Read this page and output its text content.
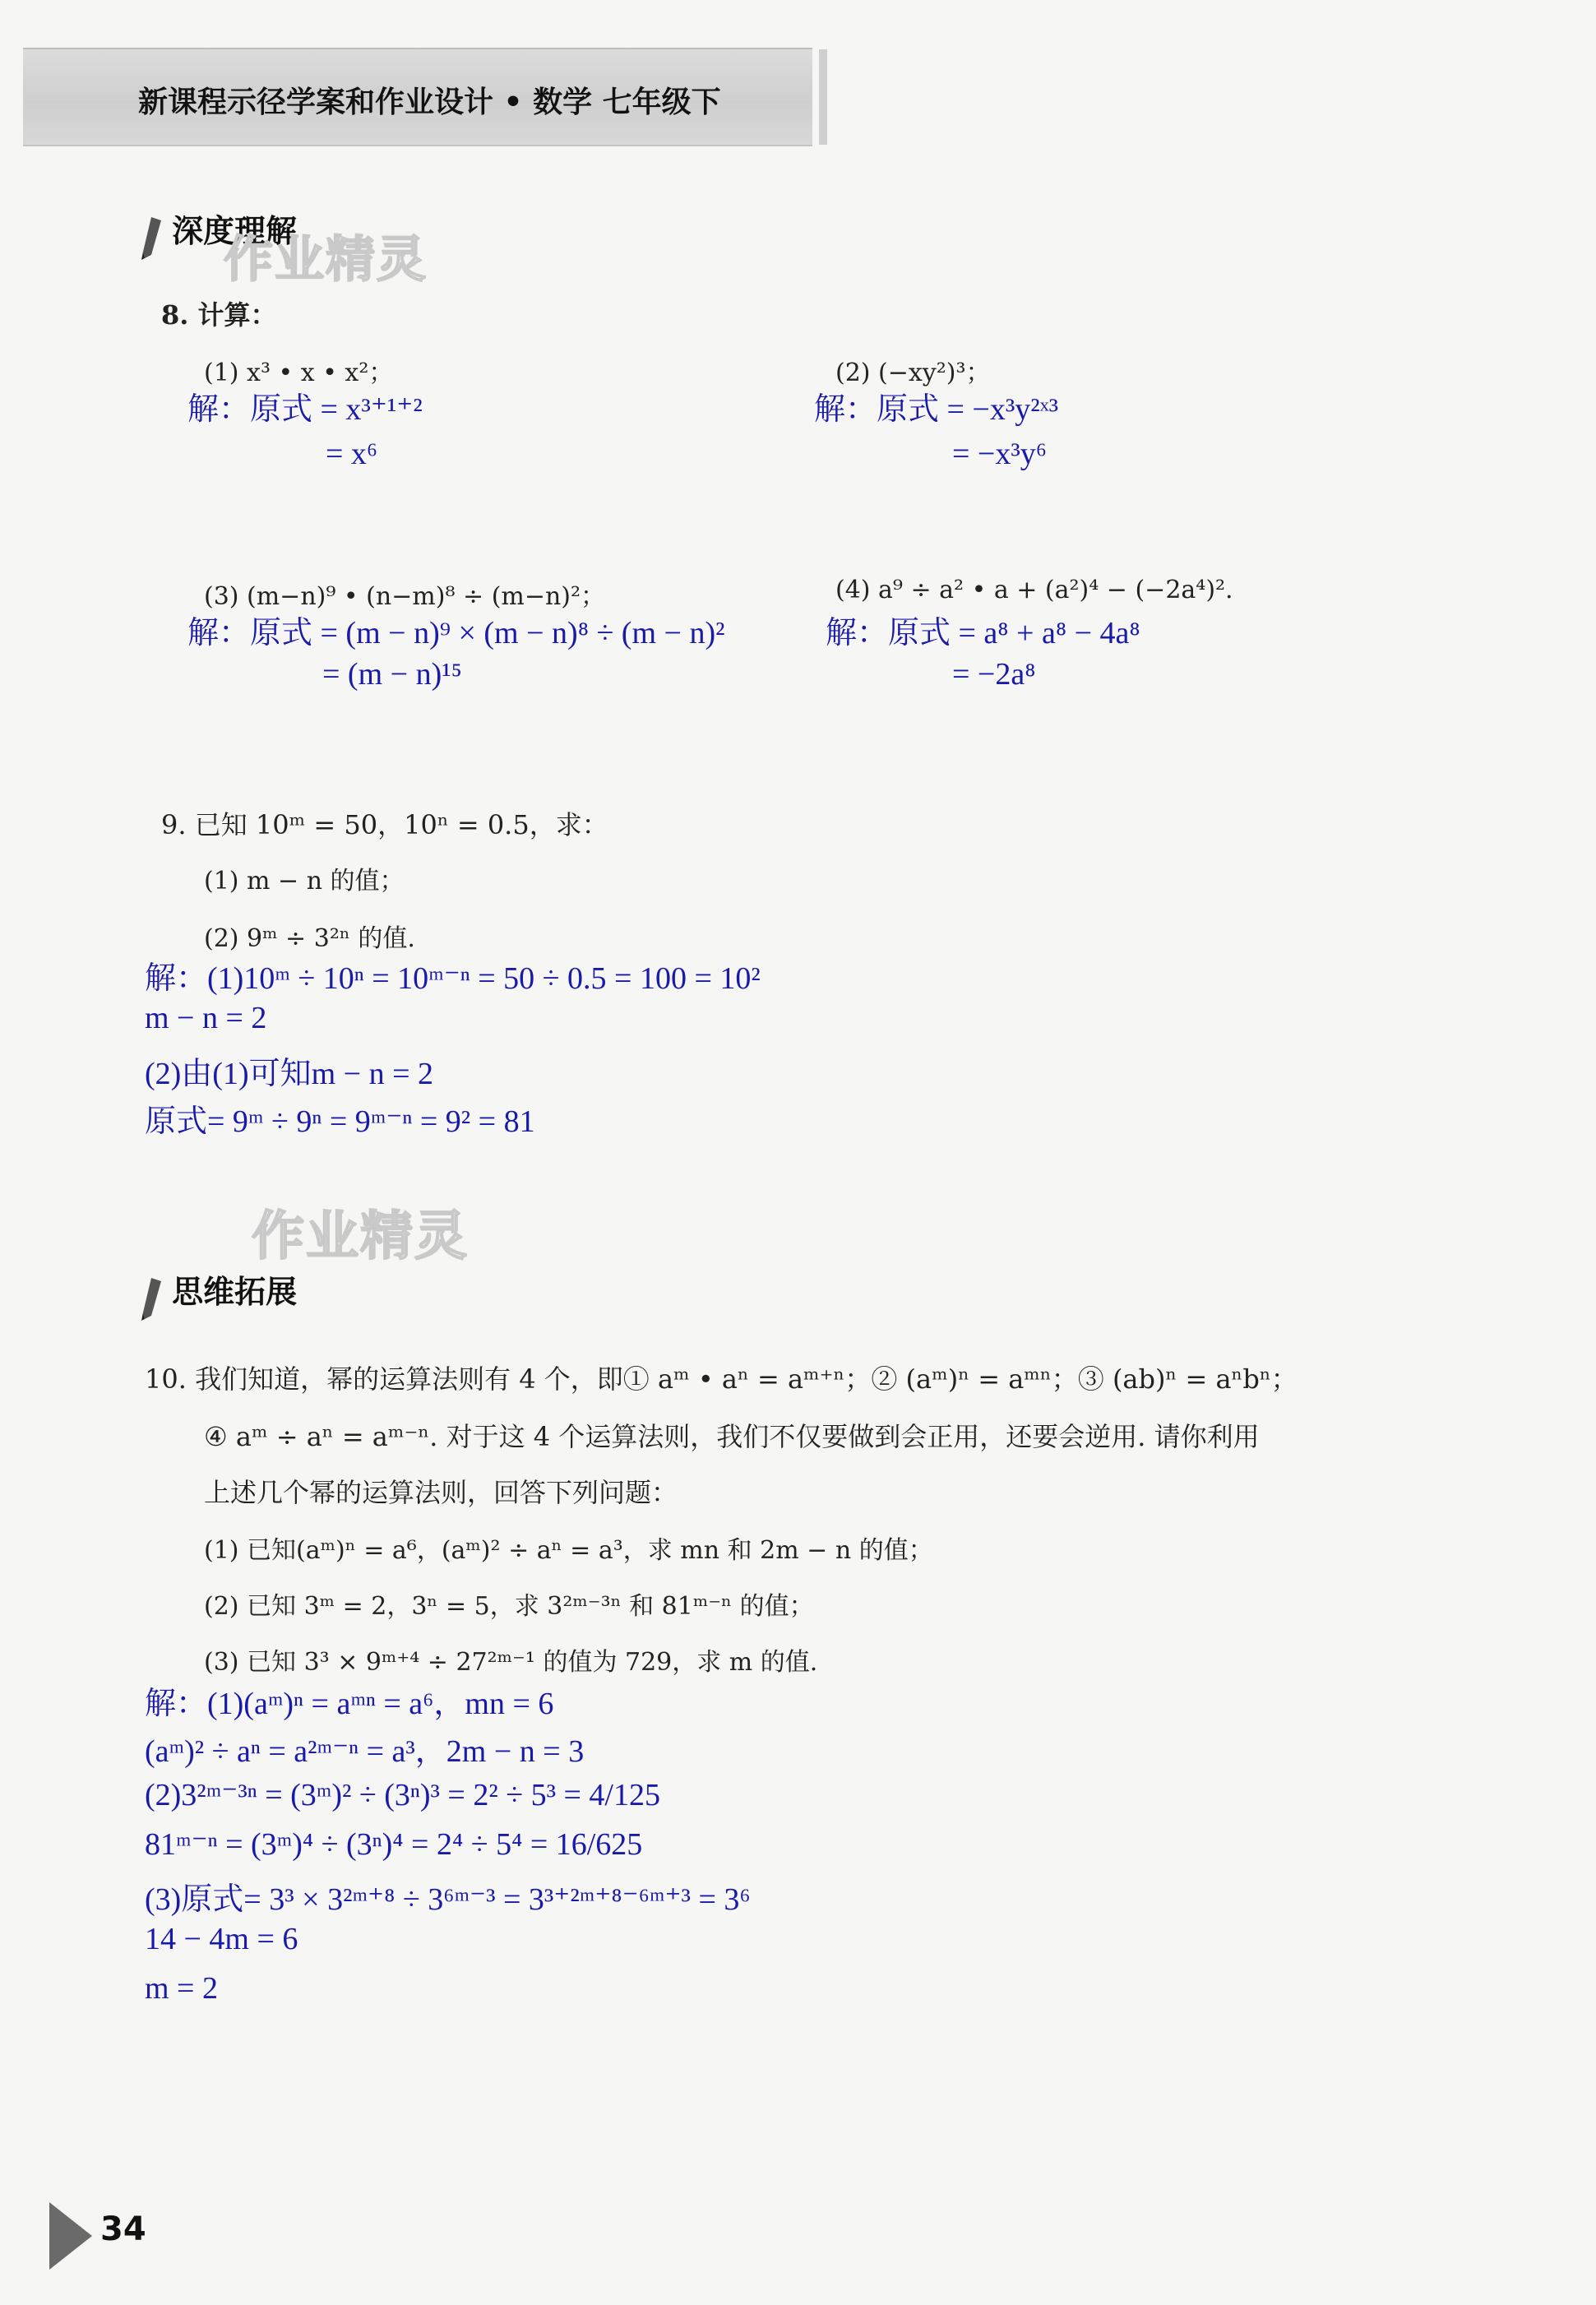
新课程示径学案和作业设计 • 数学 七年级下
深度理解
作业精灵
8. 计算：
(1) x³ • x • x²；
解：原式 = x³⁺¹⁺²
= x⁶
(2) (−xy²)³；
解：原式 = −x³y²ˣ³
= −x³y⁶
(3) (m−n)⁹ • (n−m)⁸ ÷ (m−n)²；
解：原式 = (m − n)⁹ × (m − n)⁸ ÷ (m − n)²
= (m − n)¹⁵
(4) a⁹ ÷ a² • a + (a²)⁴ − (−2a⁴)².
解：原式 = a⁸ + a⁸ − 4a⁸
= −2a⁸
9. 已知 10ᵐ = 50，10ⁿ = 0.5，求：
(1) m − n 的值；
(2) 9ᵐ ÷ 3²ⁿ 的值.
解：(1)10ᵐ ÷ 10ⁿ = 10ᵐ⁻ⁿ = 50 ÷ 0.5 = 100 = 10²
m − n = 2
(2)由(1)可知m − n = 2
原式= 9ᵐ ÷ 9ⁿ = 9ᵐ⁻ⁿ = 9² = 81
作业精灵
思维拓展
10. 我们知道，幂的运算法则有 4 个，即① aᵐ • aⁿ = aᵐ⁺ⁿ；② (aᵐ)ⁿ = aᵐⁿ；③ (ab)ⁿ = aⁿbⁿ；
④ aᵐ ÷ aⁿ = aᵐ⁻ⁿ. 对于这 4 个运算法则，我们不仅要做到会正用，还要会逆用. 请你利用
上述几个幂的运算法则，回答下列问题：
(1) 已知(aᵐ)ⁿ = a⁶，(aᵐ)² ÷ aⁿ = a³，求 mn 和 2m − n 的值；
(2) 已知 3ᵐ = 2，3ⁿ = 5，求 3²ᵐ⁻³ⁿ 和 81ᵐ⁻ⁿ 的值；
(3) 已知 3³ × 9ᵐ⁺⁴ ÷ 27²ᵐ⁻¹ 的值为 729，求 m 的值.
解：(1)(aᵐ)ⁿ = aᵐⁿ = a⁶，mn = 6
(aᵐ)² ÷ aⁿ = a²ᵐ⁻ⁿ = a³，2m − n = 3
(2)3²ᵐ⁻³ⁿ = (3ᵐ)² ÷ (3ⁿ)³ = 2² ÷ 5³ = 4/125
81ᵐ⁻ⁿ = (3ᵐ)⁴ ÷ (3ⁿ)⁴ = 2⁴ ÷ 5⁴ = 16/625
(3)原式= 3³ × 3²ᵐ⁺⁸ ÷ 3⁶ᵐ⁻³ = 3³⁺²ᵐ⁺⁸⁻⁶ᵐ⁺³ = 3⁶
14 − 4m = 6
m = 2
34
